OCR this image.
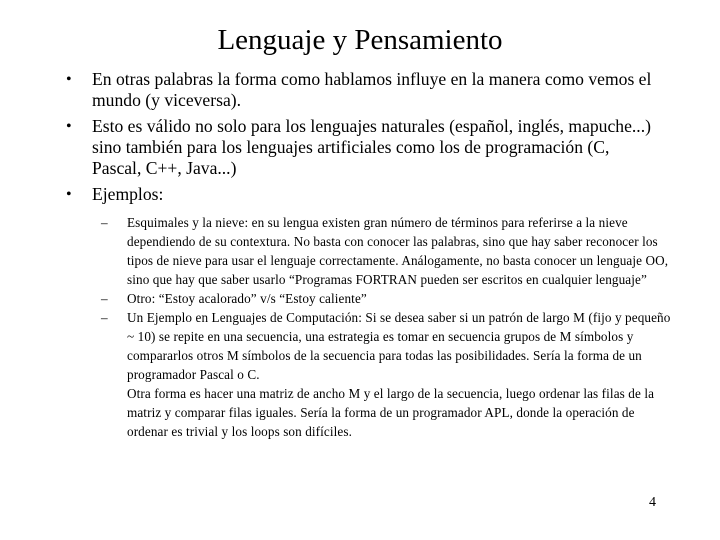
Lenguaje y Pensamiento
• En otras palabras la forma como hablamos influye en la manera como vemos el mundo (y viceversa).
• Esto es válido no solo para los lenguajes naturales (español, inglés, mapuche...) sino también para los lenguajes artificiales como los de programación (C, Pascal, C++, Java...)
• Ejemplos:
– Esquimales y la nieve: en su lengua existen gran número de términos para referirse a la nieve dependiendo de su contextura. No basta con conocer las palabras, sino que hay saber reconocer los tipos de nieve para usar el lenguaje correctamente. Análogamente, no basta conocer un lenguaje OO, sino que hay que saber usarlo “Programas FORTRAN pueden ser escritos en cualquier lenguaje”
– Otro: “Estoy acalorado” v/s “Estoy caliente”
– Un Ejemplo en Lenguajes de Computación: Si se desea saber si un patrón de largo M (fijo y pequeño ~ 10) se repite en una secuencia, una estrategia es tomar en secuencia grupos de M símbolos y compararlos otros M símbolos de la secuencia para todas las posibilidades. Sería la forma de un programador Pascal o C.
Otra forma es hacer una matriz de ancho M y el largo de la secuencia, luego ordenar las filas de la matriz y comparar filas iguales. Sería la forma de un programador APL, donde la operación de ordenar es trivial y los loops son difíciles.
4
